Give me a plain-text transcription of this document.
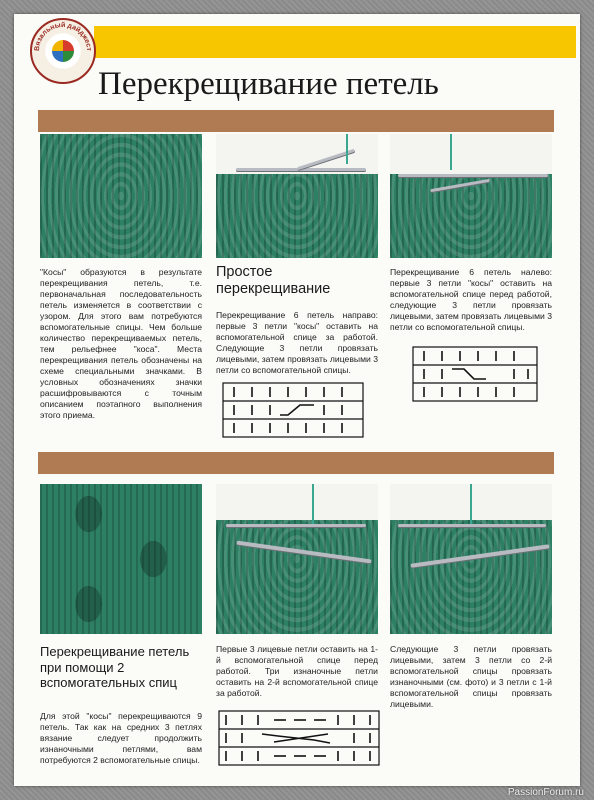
Вязальный дайджест
Перекрещивание петель

"Косы" образуются в результате перекрещивания петель, т.е. первоначальная последовательность петель изменяется в соответствии с узором. Для этого вам потребуются вспомогательные спицы. Чем больше количество перекрещиваемых петель, тем рельефнее "коса". Места перекрещивания петель обозначены на схеме специальными значками. В условных обозначениях значки расшифровываются с точным описанием поэтапного выполнения этого приема.

Простое перекрещивание

Перекрещивание 6 петель направо: первые 3 петли "косы" оставить на вспомогательной спице за работой. Следующие 3 петли провязать лицевыми, затем провязать лицевыми 3 петли со вспомогательной спицы.

Перекрещивание 6 петель налево: первые 3 петли "косы" оставить на вспомогательной спице перед работой, следующие 3 петли провязать лицевыми, затем провязать лицевыми 3 петли со вспомогательной спицы.

Перекрещивание петель при помощи 2 вспомогательных спиц

Для этой "косы" перекрещиваются 9 петель. Так как на средних 3 петлях вязание следует продолжить изнаночными петлями, вам потребуются 2 вспомогательные спицы.

Первые 3 лицевые петли оставить на 1-й вспомогательной спице перед работой. Три изнаночные петли оставить на 2-й вспомогательной спице за работой.

Следующие 3 петли провязать лицевыми, затем 3 петли со 2-й вспомогательной спицы провязать изнаночными (см. фото) и 3 петли с 1-й вспомогательной спицы провязать лицевыми.

PassionForum.ru
